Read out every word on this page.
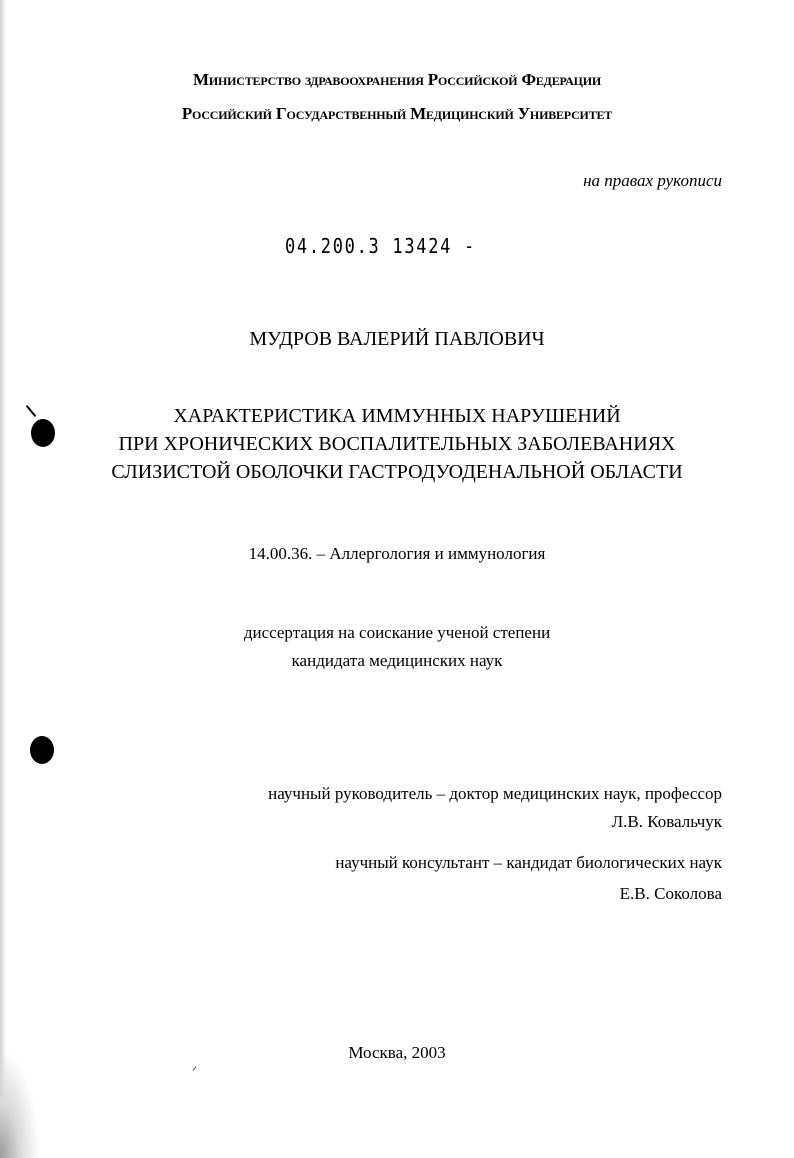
Министерство здравоохранения Российской Федерации
Российский Государственный Медицинский Университет
на правах рукописи
04.200.3 13424 -
МУДРОВ ВАЛЕРИЙ ПАВЛОВИЧ
ХАРАКТЕРИСТИКА ИММУННЫХ НАРУШЕНИЙ
ПРИ ХРОНИЧЕСКИХ ВОСПАЛИТЕЛЬНЫХ ЗАБОЛЕВАНИЯХ
СЛИЗИСТОЙ ОБОЛОЧКИ ГАСТРОДУОДЕНАЛЬНОЙ ОБЛАСТИ
14.00.36. – Аллергология и иммунология
диссертация на соискание ученой степени
кандидата медицинских наук
научный руководитель – доктор медицинских наук, профессор
Л.В. Ковальчук
научный консультант – кандидат биологических наук
Е.В. Соколова
Москва, 2003
